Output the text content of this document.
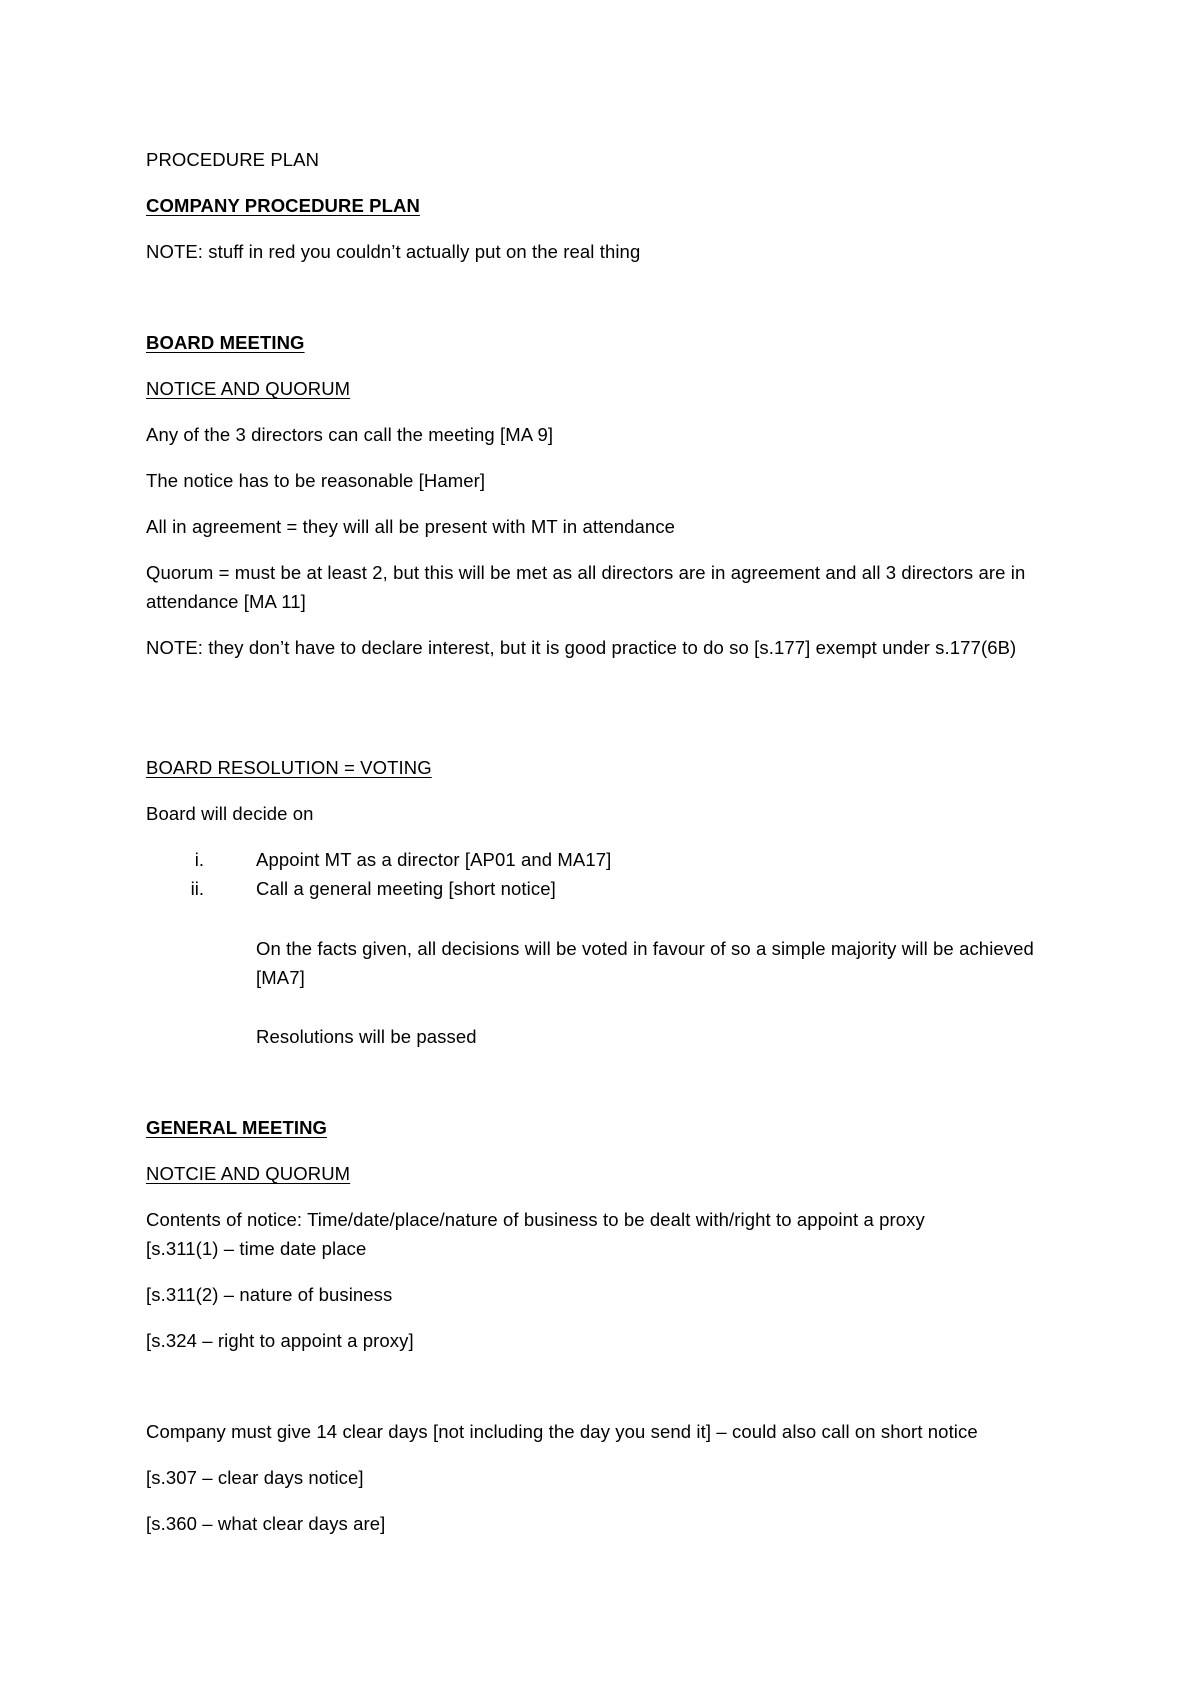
PROCEDURE PLAN
COMPANY PROCEDURE PLAN
NOTE: stuff in red you couldn’t actually put on the real thing
BOARD MEETING
NOTICE AND QUORUM
Any of the 3 directors can call the meeting [MA 9]
The notice has to be reasonable [Hamer]
All in agreement = they will all be present with MT in attendance
Quorum = must be at least 2, but this will be met as all directors are in agreement and all 3 directors are in attendance [MA 11]
NOTE: they don’t have to declare interest, but it is good practice to do so [s.177] exempt under s.177(6B)
BOARD RESOLUTION = VOTING
Board will decide on
i.	Appoint MT as a director [AP01 and MA17]
ii.	Call a general meeting [short notice]
On the facts given, all decisions will be voted in favour of so a simple majority will be achieved [MA7]
Resolutions will be passed
GENERAL MEETING
NOTCIE AND QUORUM
Contents of notice: Time/date/place/nature of business to be dealt with/right to appoint a proxy
[s.311(1) – time date place
[s.311(2) – nature of business
[s.324 – right to appoint a proxy]
Company must give 14 clear days [not including the day you send it] – could also call on short notice
[s.307 – clear days notice]
[s.360 – what clear days are]
